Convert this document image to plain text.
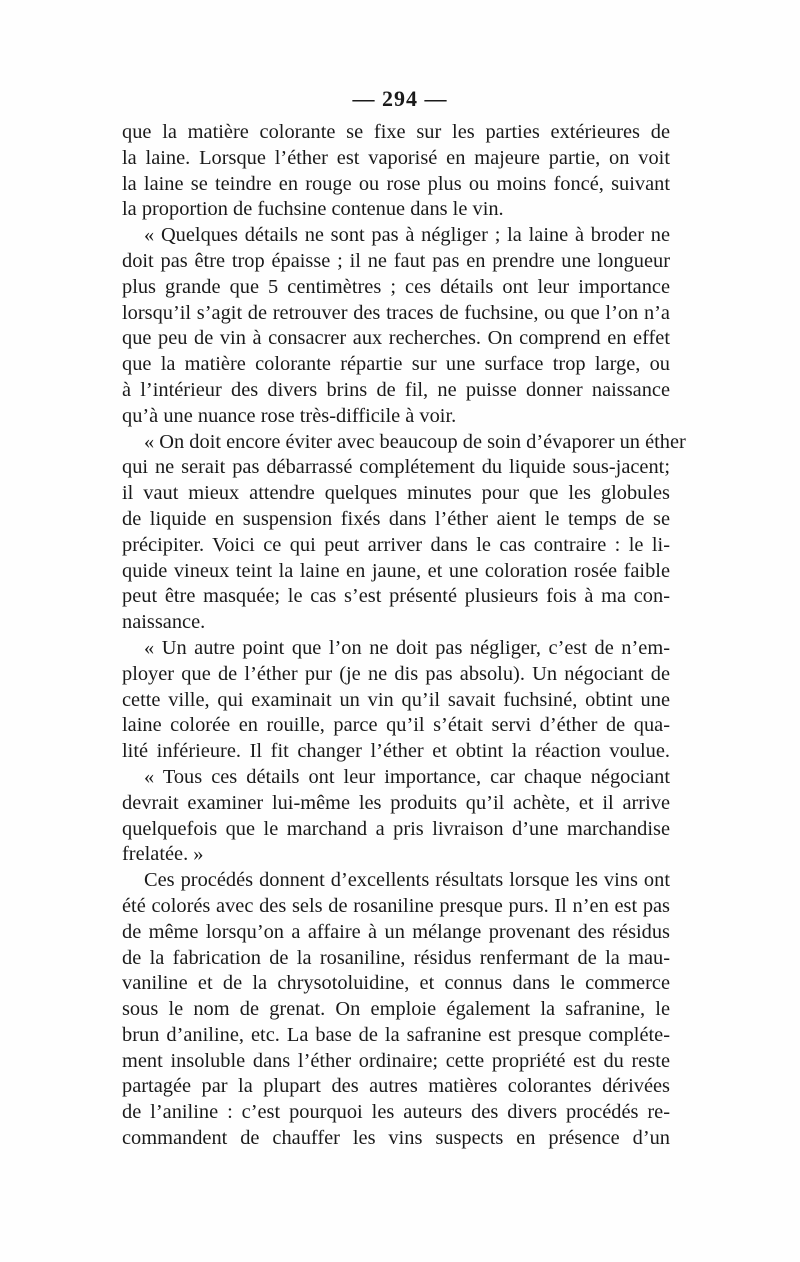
— 294 —
que la matière colorante se fixe sur les parties extérieures de
la laine. Lorsque l’éther est vaporisé en majeure partie, on voit
la laine se teindre en rouge ou rose plus ou moins foncé, suivant
la proportion de fuchsine contenue dans le vin.
« Quelques détails ne sont pas à négliger ; la laine à broder ne
doit pas être trop épaisse ; il ne faut pas en prendre une longueur
plus grande que 5 centimètres ; ces détails ont leur importance
lorsqu’il s’agit de retrouver des traces de fuchsine, ou que l’on n’a
que peu de vin à consacrer aux recherches. On comprend en effet
que la matière colorante répartie sur une surface trop large, ou
à l’intérieur des divers brins de fil, ne puisse donner naissance
qu’à une nuance rose très-difficile à voir.
« On doit encore éviter avec beaucoup de soin d’évaporer un éther
qui ne serait pas débarrassé complétement du liquide sous-jacent;
il vaut mieux attendre quelques minutes pour que les globules
de liquide en suspension fixés dans l’éther aient le temps de se
précipiter. Voici ce qui peut arriver dans le cas contraire : le li-
quide vineux teint la laine en jaune, et une coloration rosée faible
peut être masquée; le cas s’est présenté plusieurs fois à ma con-
naissance.
« Un autre point que l’on ne doit pas négliger, c’est de n’em-
ployer que de l’éther pur (je ne dis pas absolu). Un négociant de
cette ville, qui examinait un vin qu’il savait fuchsiné, obtint une
laine colorée en rouille, parce qu’il s’était servi d’éther de qua-
lité inférieure. Il fit changer l’éther et obtint la réaction voulue.
« Tous ces détails ont leur importance, car chaque négociant
devrait examiner lui-même les produits qu’il achète, et il arrive
quelquefois que le marchand a pris livraison d’une marchandise
frelatée. »
Ces procédés donnent d’excellents résultats lorsque les vins ont
été colorés avec des sels de rosaniline presque purs. Il n’en est pas
de même lorsqu’on a affaire à un mélange provenant des résidus
de la fabrication de la rosaniline, résidus renfermant de la mau-
vaniline et de la chrysotoluidine, et connus dans le commerce
sous le nom de grenat. On emploie également la safranine, le
brun d’aniline, etc. La base de la safranine est presque complétе-
ment insoluble dans l’éther ordinaire; cette propriété est du reste
partagée par la plupart des autres matières colorantes dérivées
de l’aniline : c’est pourquoi les auteurs des divers procédés re-
commandent de chauffer les vins suspects en présence d’un
